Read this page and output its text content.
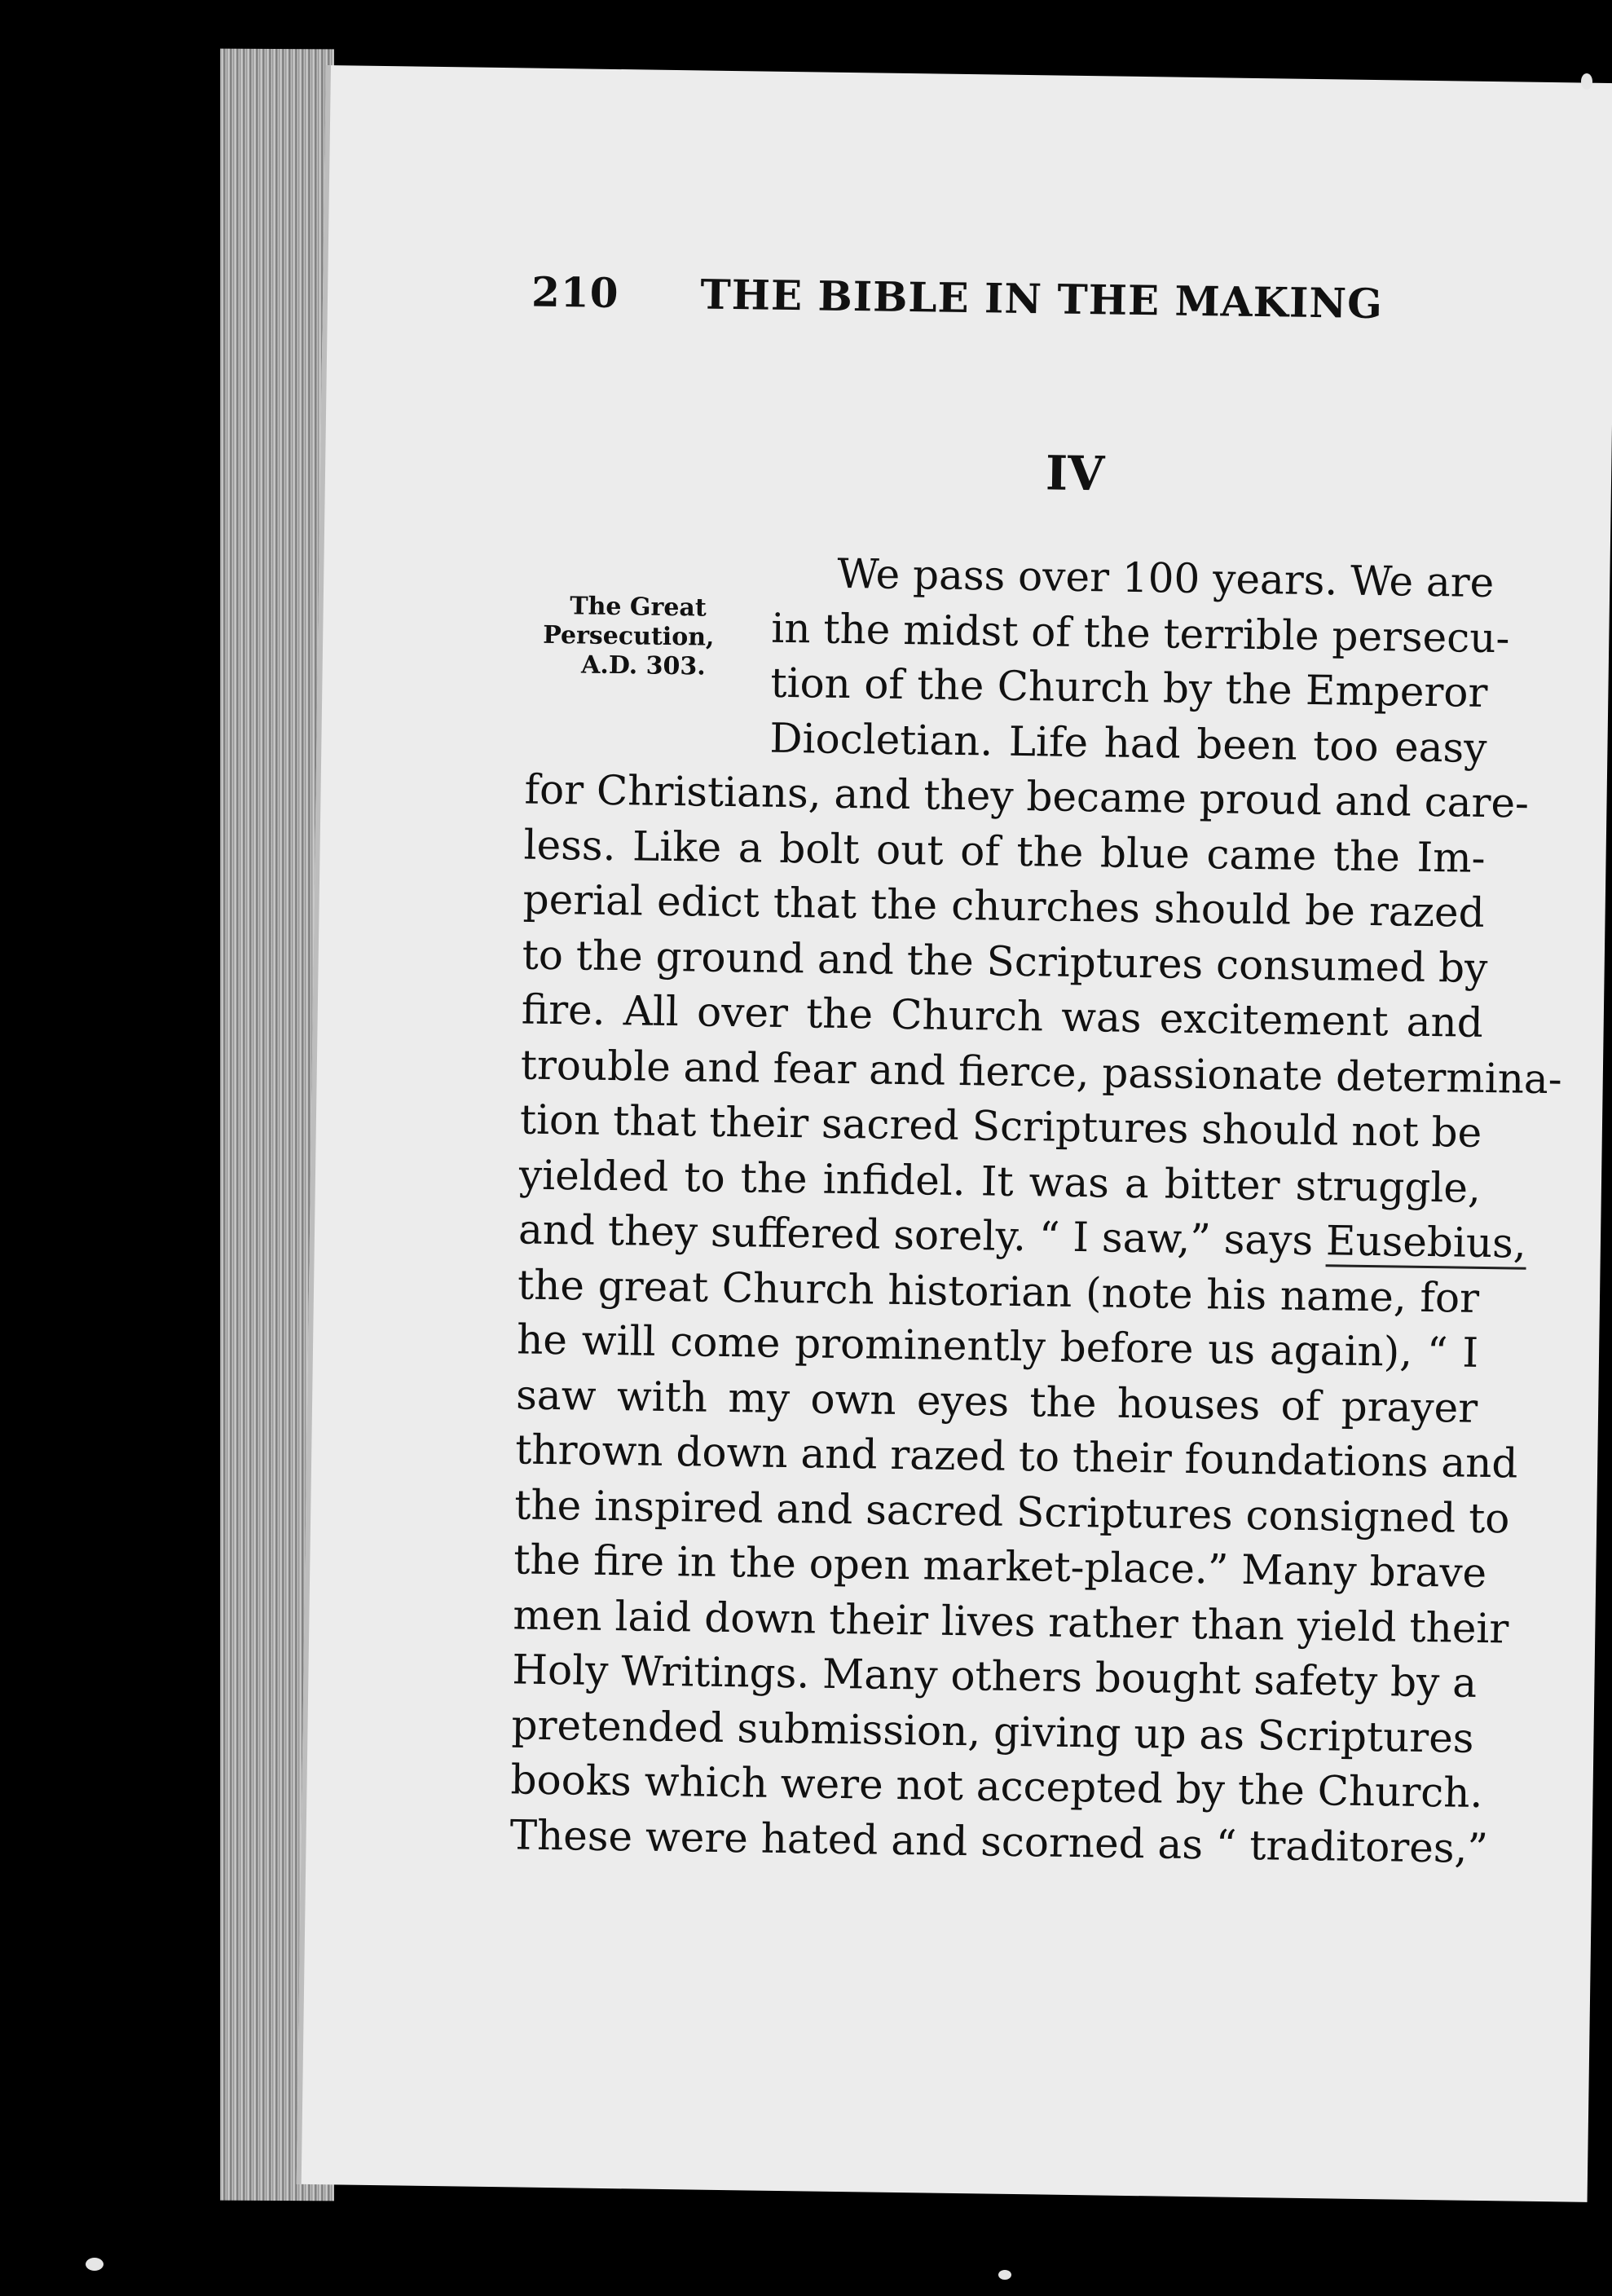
210 THE BIBLE IN THE MAKING
IV
The Great
Persecution,
A.D. 303.
We pass over 100 years. We are
in the midst of the terrible persecu-
tion of the Church by the Emperor
Diocletian. Life had been too easy
for Christians, and they became proud and care-
less. Like a bolt out of the blue came the Im-
perial edict that the churches should be razed
to the ground and the Scriptures consumed by
fire. All over the Church was excitement and
trouble and fear and fierce, passionate determina-
tion that their sacred Scriptures should not be
yielded to the infidel. It was a bitter struggle,
and they suffered sorely. “ I saw,” says Eusebius,
the great Church historian (note his name, for
he will come prominently before us again), “ I
saw with my own eyes the houses of prayer
thrown down and razed to their foundations and
the inspired and sacred Scriptures consigned to
the fire in the open market-place.” Many brave
men laid down their lives rather than yield their
Holy Writings. Many others bought safety by a
pretended submission, giving up as Scriptures
books which were not accepted by the Church.
These were hated and scorned as “ traditores,”
